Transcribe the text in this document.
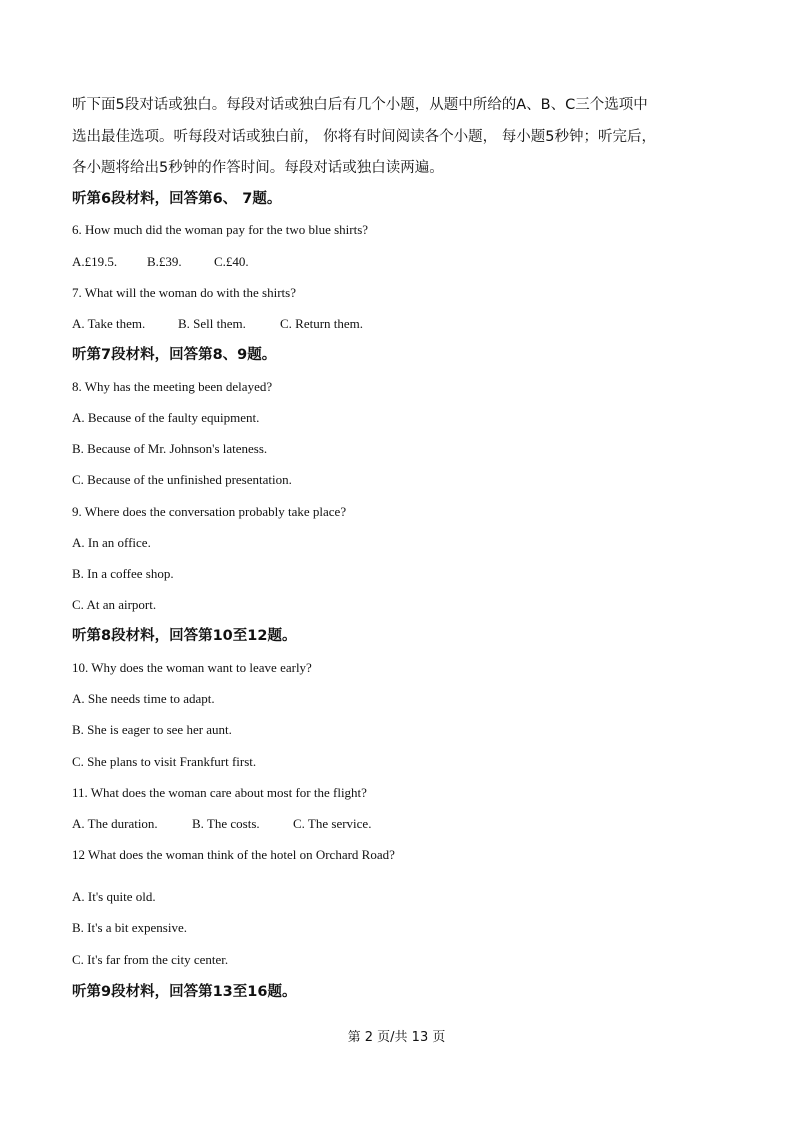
听下面5段对话或独白。每段对话或独白后有几个小题，从题中所给的A、B、C三个选项中
选出最佳选项。听每段对话或独白前， 你将有时间阅读各个小题， 每小题5秒钟；听完后，
各小题将给出5秒钟的作答时间。每段对话或独白读两遍。
听第6段材料，回答第6、 7题。
6. How much did the woman pay for the two blue shirts?
A.£19.5. B.£39. C.£40.
7. What will the woman do with the shirts?
A. Take them.	B. Sell them.	C. Return them.
听第7段材料，回答第8、9题。
8. Why has the meeting been delayed?
A. Because of the faulty equipment.
B. Because of Mr. Johnson's lateness.
C. Because of the unfinished presentation.
9. Where does the conversation probably take place?
A. In an office.
B. In a coffee shop.
C. At an airport.
听第8段材料，回答第10至12题。
10. Why does the woman want to leave early?
A. She needs time to adapt.
B. She is eager to see her aunt.
C. She plans to visit Frankfurt first.
11. What does the woman care about most for the flight?
A. The duration.	B. The costs.	C. The service.
12 What does the woman think of the hotel on Orchard Road?
A. It's quite old.
B. It's a bit expensive.
C. It's far from the city center.
听第9段材料，回答第13至16题。
第 2 页/共 13 页
